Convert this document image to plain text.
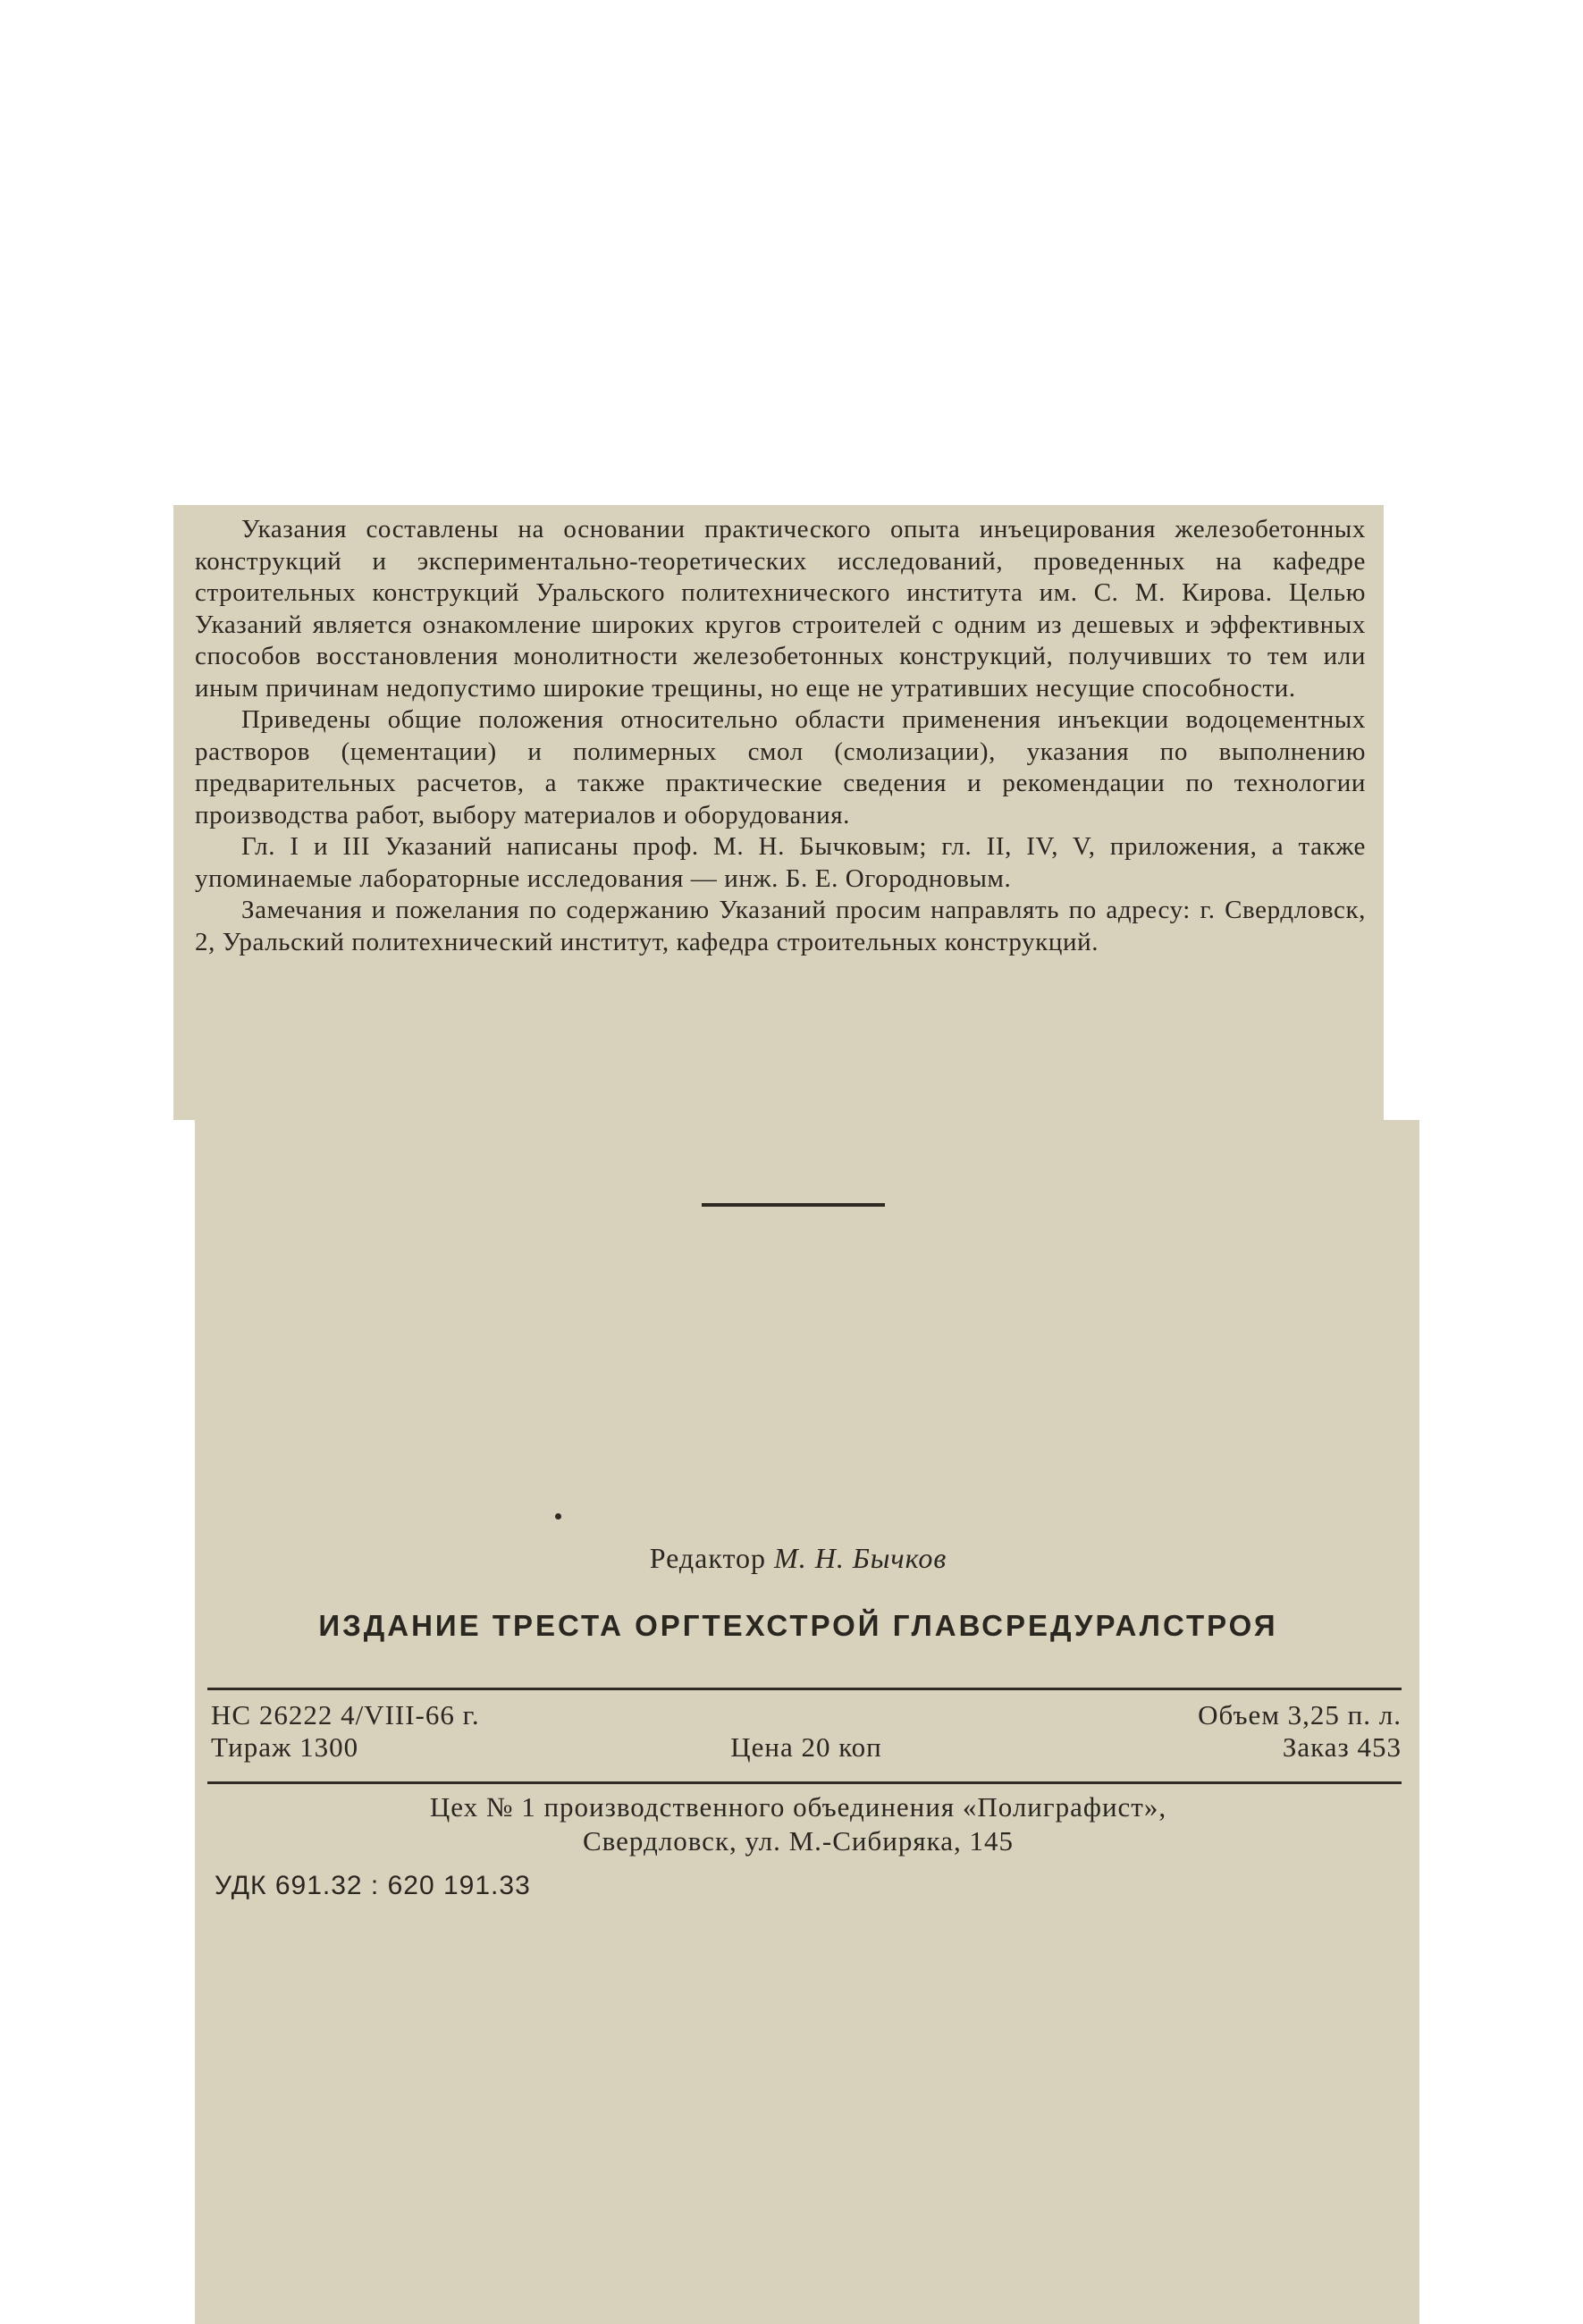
Указания составлены на основании практического опыта инъецирования железобетонных конструкций и экспериментально-теоретических исследований, проведенных на кафедре строительных конструкций Уральского политехнического института им. С. М. Кирова. Целью Указаний является ознакомление широких кругов строителей с одним из дешевых и эффективных способов восстановления монолитности железобетонных конструкций, получивших то тем или иным причинам недопустимо широкие трещины, но еще не утративших несущие способности.

Приведены общие положения относительно области применения инъекции водоцементных растворов (цементации) и полимерных смол (смолизации), указания по выполнению предварительных расчетов, а также практические сведения и рекомендации по технологии производства работ, выбору материалов и оборудования.

Гл. I и III Указаний написаны проф. М. Н. Бычковым; гл. II, IV, V, приложения, а также упоминаемые лабораторные исследования — инж. Б. Е. Огородновым.

Замечания и пожелания по содержанию Указаний просим направлять по адресу: г. Свердловск, 2, Уральский политехнический институт, кафедра строительных конструкций.

Редактор М. Н. Бычков
ИЗДАНИЕ ТРЕСТА ОРГТЕХСТРОЙ ГЛАВСРЕДУРАЛСТРОЯ
НС 26222 4/VIII-66 г.	Объем 3,25 п. л.
Тираж 1300	Цена 20 коп	Заказ 453
Цех № 1 производственного объединения «Полиграфист»,
Свердловск, ул. М.-Сибиряка, 145
УДК 691.32 : 620 191.33
